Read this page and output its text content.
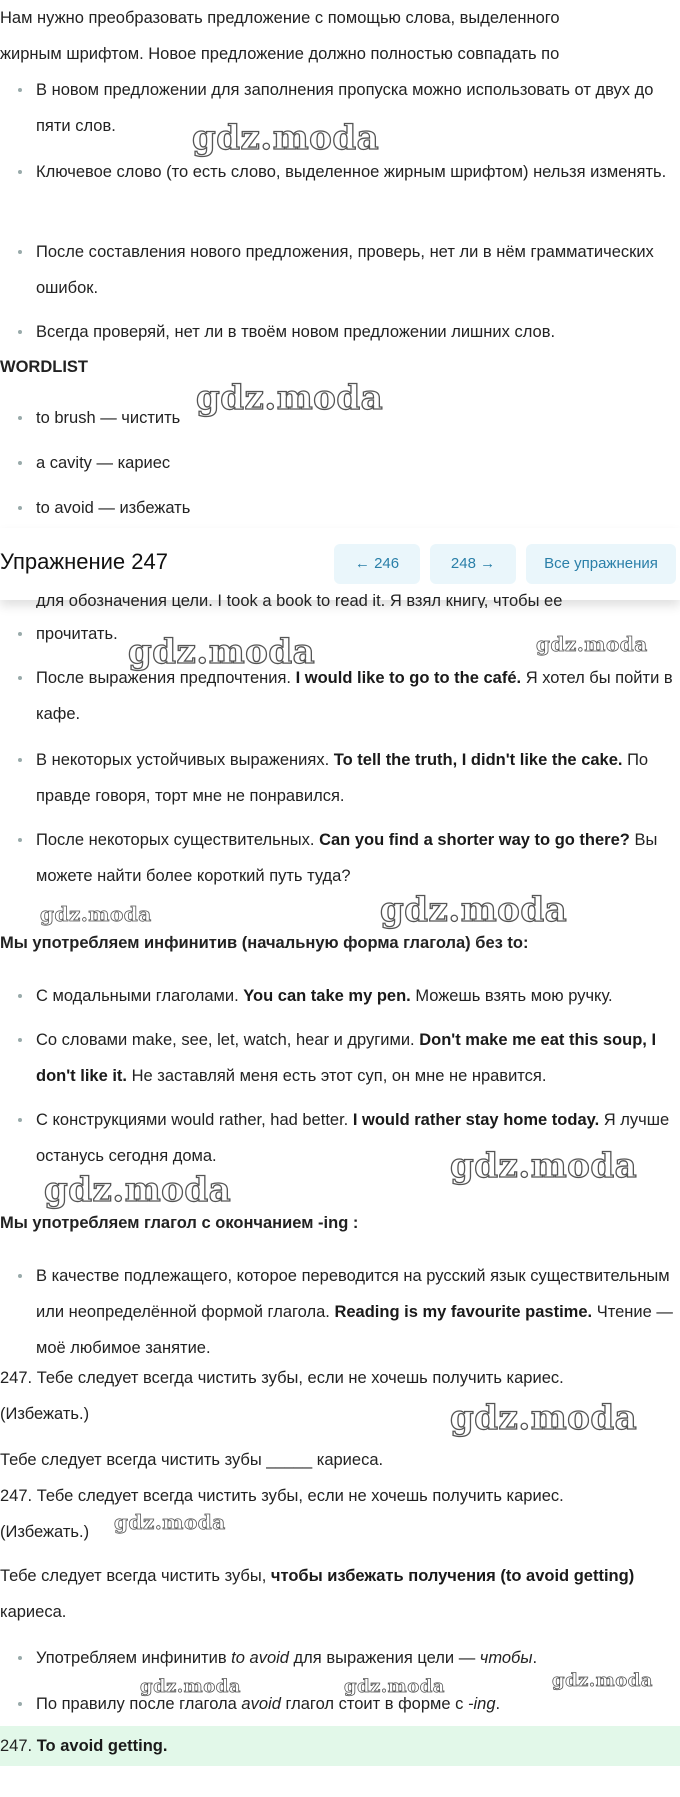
Нам нужно преобразовать предложение с помощью слова, выделенного

жирным шрифтом. Новое предложение должно полностью совпадать по

В новом предложении для заполнения пропуска можно использовать от двух до пяти слов.
Ключевое слово (то есть слово, выделенное жирным шрифтом) нельзя изменять.
После составления нового предложения, проверь, нет ли в нём грамматических ошибок.
Всегда проверяй, нет ли в твоём новом предложении лишних слов.
WORDLIST
to brush — чистить
a cavity — кариес
to avoid — избежать
Упражнение 247	← 246	248 →	Все упражнения

для обозначения цели. I took a book to read it. Я взял книгу, чтобы ее

прочитать.
После выражения предпочтения. I would like to go to the café. Я хотел бы пойти в кафе.
В некоторых устойчивых выражениях. To tell the truth, I didn't like the cake. По правде говоря, торт мне не понравился.
После некоторых существительных. Can you find a shorter way to go there? Вы можете найти более короткий путь туда?
Мы употребляем инфинитив (начальную форма глагола) без to:
С модальными глаголами. You can take my pen. Можешь взять мою ручку.
Со словами make, see, let, watch, hear и другими. Don't make me eat this soup, I don't like it. Не заставляй меня есть этот суп, он мне не нравится.
С конструкциями would rather, had better. I would rather stay home today. Я лучше останусь сегодня дома.
Мы употребляем глагол с окончанием -ing :
В качестве подлежащего, которое переводится на русский язык существительным или неопределённой формой глагола. Reading is my favourite pastime. Чтение — моё любимое занятие.

247. Тебе следует всегда чистить зубы, если не хочешь получить кариес.

(Избежать.)

Тебе следует всегда чистить зубы _____ кариеса.

247. Тебе следует всегда чистить зубы, если не хочешь получить кариес.

(Избежать.)

Тебе следует всегда чистить зубы, чтобы избежать получения (to avoid getting) кариеса.

Употребляем инфинитив to avoid для выражения цели — чтобы.
По правилу после глагола avoid глагол стоит в форме с -ing.
247. To avoid getting.
gdz.moda
gdz.moda
gdz.moda	gdz.moda
gdz.moda	gdz.moda
gdz.moda
gdz.moda
gdz.moda
gdz.moda
gdz.moda	gdz.moda	gdz.moda
